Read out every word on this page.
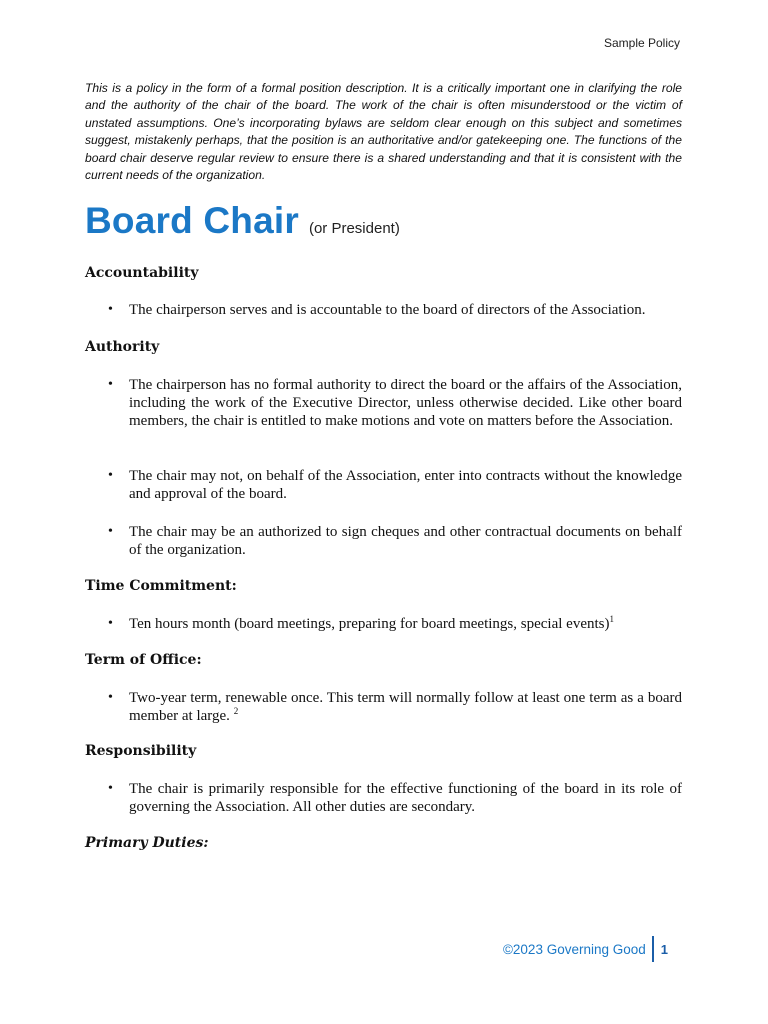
Sample Policy
This is a policy in the form of a formal position description. It is a critically important one in clarifying the role and the authority of the chair of the board. The work of the chair is often misunderstood or the victim of unstated assumptions. One’s incorporating bylaws are seldom clear enough on this subject and sometimes suggest, mistakenly perhaps, that the position is an authoritative and/or gatekeeping one. The functions of the board chair deserve regular review to ensure there is a shared understanding and that it is consistent with the current needs of the organization.
Board Chair (or President)
Accountability
• The chairperson serves and is accountable to the board of directors of the Association.
Authority
• The chairperson has no formal authority to direct the board or the affairs of the Association, including the work of the Executive Director, unless otherwise decided. Like other board members, the chair is entitled to make motions and vote on matters before the Association.
• The chair may not, on behalf of the Association, enter into contracts without the knowledge and approval of the board.
• The chair may be an authorized to sign cheques and other contractual documents on behalf of the organization.
Time Commitment:
• Ten hours month (board meetings, preparing for board meetings, special events)$^1$
Term of Office:
• Two-year term, renewable once. This term will normally follow at least one term as a board member at large. $^2$
Responsibility
• The chair is primarily responsible for the effective functioning of the board in its role of governing the Association. All other duties are secondary.
Primary Duties:
©2023 Governing Good 1
